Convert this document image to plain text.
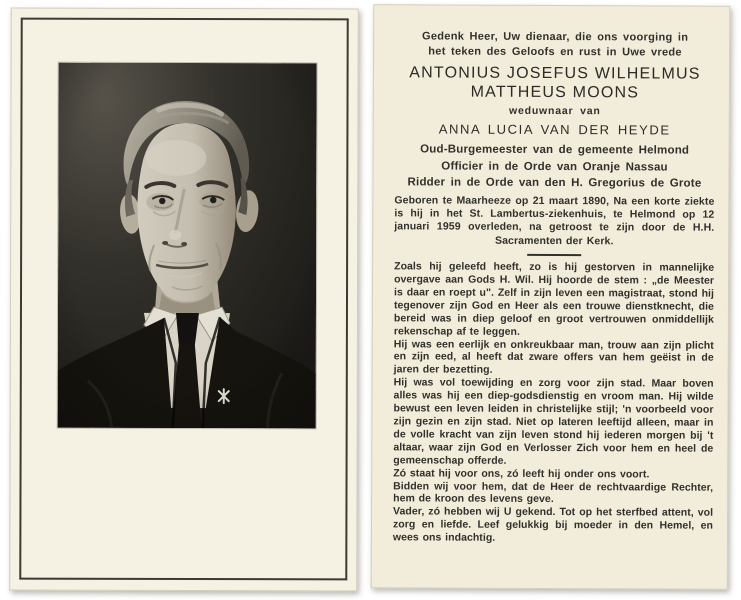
Gedenk Heer, Uw dienaar, die ons voorging in het teken des Geloofs en rust in Uwe vrede

ANTONIUS JOSEFUS WILHELMUS
MATTHEUS MOONS

weduwnaar van

ANNA LUCIA VAN DER HEYDE

Oud-Burgemeester van de gemeente Helmond

Officier in de Orde van Oranje Nassau

Ridder in de Orde van den H. Gregorius de Grote

Geboren te Maarheeze op 21 maart 1890, Na een korte ziekte is hij in het St. Lambertus-ziekenhuis, te Helmond op 12 januari 1959 overleden, na getroost te zijn door de H.H. Sacramenten der Kerk.

Zoals hij geleefd heeft, zo is hij gestorven in mannelijke overgave aan Gods H. Wil. Hij hoorde de stem : „de Meester is daar en roept u". Zelf in zijn leven een magistraat, stond hij tegenover zijn God en Heer als een trouwe dienstknecht, die bereid was in diep geloof en groot vertrouwen onmiddellijk rekenschap af te leggen.

Hij was een eerlijk en onkreukbaar man, trouw aan zijn plicht en zijn eed, al heeft dat zware offers van hem geëist in de jaren der bezetting.

Hij was vol toewijding en zorg voor zijn stad. Maar boven alles was hij een diep-godsdienstig en vroom man. Hij wilde bewust een leven leiden in christelijke stijl; 'n voorbeeld voor zijn gezin en zijn stad. Niet op lateren leeftijd alleen, maar in de volle kracht van zijn leven stond hij iederen morgen bij 't altaar, waar zijn God en Verlosser Zich voor hem en heel de gemeenschap offerde.

Zó staat hij voor ons, zó leeft hij onder ons voort.

Bidden wij voor hem, dat de Heer de rechtvaardige Rechter, hem de kroon des levens geve.

Vader, zó hebben wij U gekend. Tot op het sterfbed attent, vol zorg en liefde. Leef gelukkig bij moeder in den Hemel, en wees ons indachtig.
